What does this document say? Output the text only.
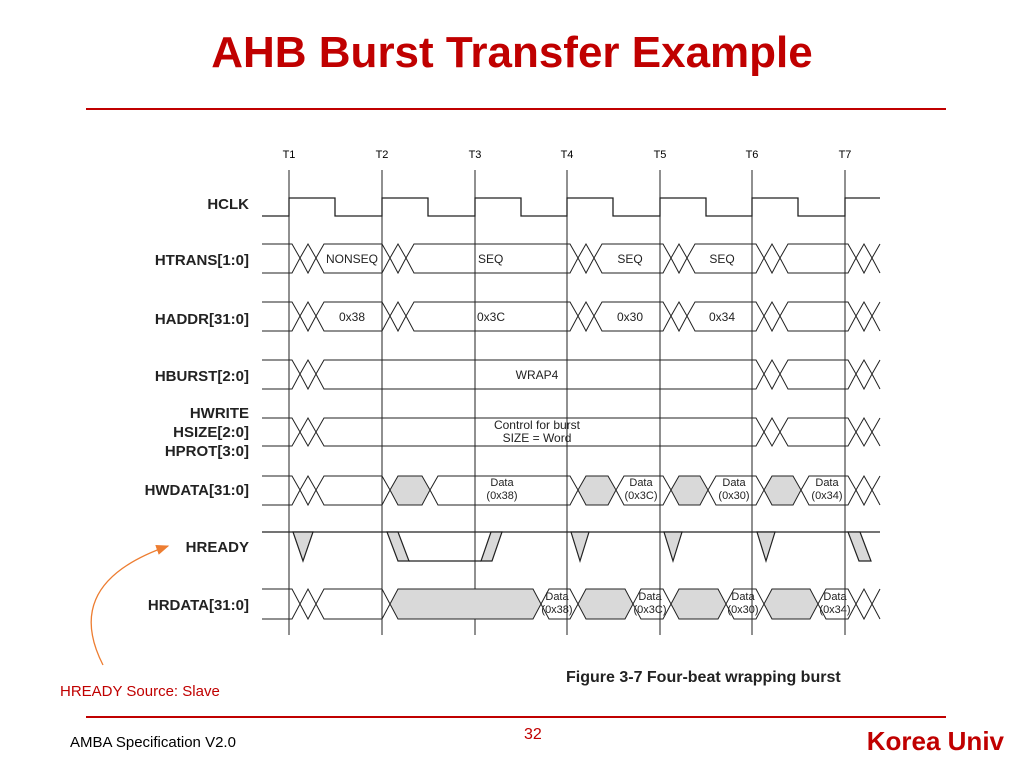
AHB Burst Transfer Example
T1	T2	T3	T4	T5	T6	T7
HCLK
HTRANS[1:0]
HADDR[31:0]
HBURST[2:0]
HWRITE
HSIZE[2:0]
HPROT[3:0]
HWDATA[31:0]
HREADY
HRDATA[31:0]
NONSEQ	SEQ	SEQ	SEQ
0x38	0x3C	0x30	0x34
WRAP4
Control for burst
SIZE = Word
Data
(0x38)
Data
(0x3C)
Data
(0x30)
Data
(0x34)
Data
(0x38)
Data
(0x3C)
Data
(0x30)
Data
(0x34)
Figure 3-7 Four-beat wrapping burst
HREADY Source: Slave
AMBA Specification V2.0	32	Korea Univ
